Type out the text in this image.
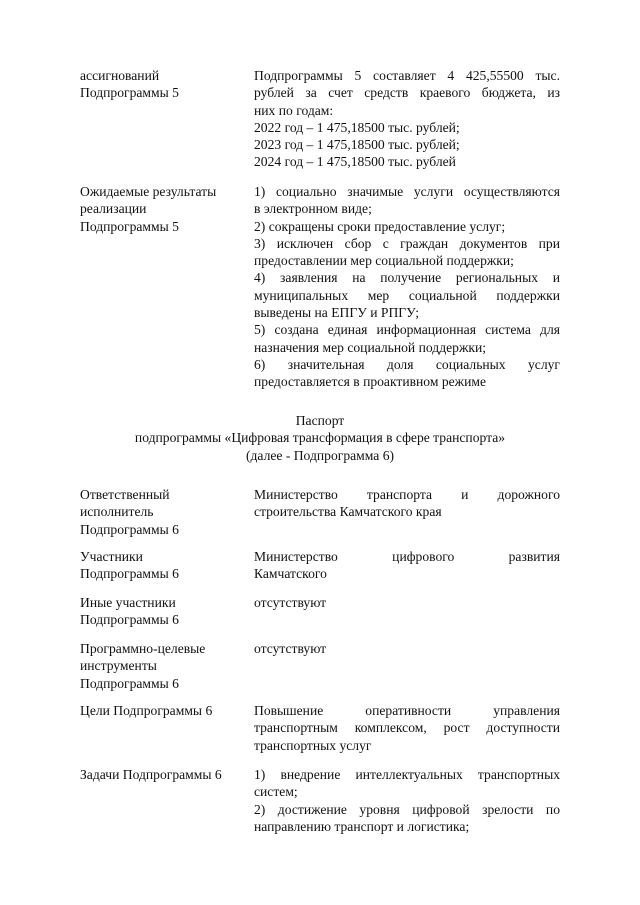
ассигнований
Подпрограммы 5
Подпрограммы 5 составляет 4 425,55500 тыс.
рублей за счет средств краевого бюджета, из
них по годам:
2022 год – 1 475,18500 тыс. рублей;
2023 год – 1 475,18500 тыс. рублей;
2024 год – 1 475,18500 тыс. рублей
Ожидаемые результаты
реализации
Подпрограммы 5
1) социально значимые услуги осуществляются
в электронном виде;
2) сокращены сроки предоставление услуг;
3) исключен сбор с граждан документов при
предоставлении мер социальной поддержки;
4) заявления на получение региональных и
муниципальных мер социальной поддержки
выведены на ЕПГУ и РПГУ;
5) создана единая информационная система для
назначения мер социальной поддержки;
6) значительная доля социальных услуг
предоставляется в проактивном режиме
Паспорт
подпрограммы «Цифровая трансформация в сфере транспорта»
(далее - Подпрограмма 6)
Ответственный
исполнитель
Подпрограммы 6
Министерство транспорта и дорожного
строительства Камчатского края
Участники
Подпрограммы 6
Министерство цифрового развития
Камчатского
Иные участники
Подпрограммы 6
отсутствуют
Программно-целевые
инструменты
Подпрограммы 6
отсутствуют
Цели Подпрограммы 6	Повышение оперативности управления
транспортным комплексом, рост доступности
транспортных услуг
Задачи Подпрограммы 6	1) внедрение интеллектуальных транспортных
систем;
2) достижение уровня цифровой зрелости по
направлению транспорт и логистика;
